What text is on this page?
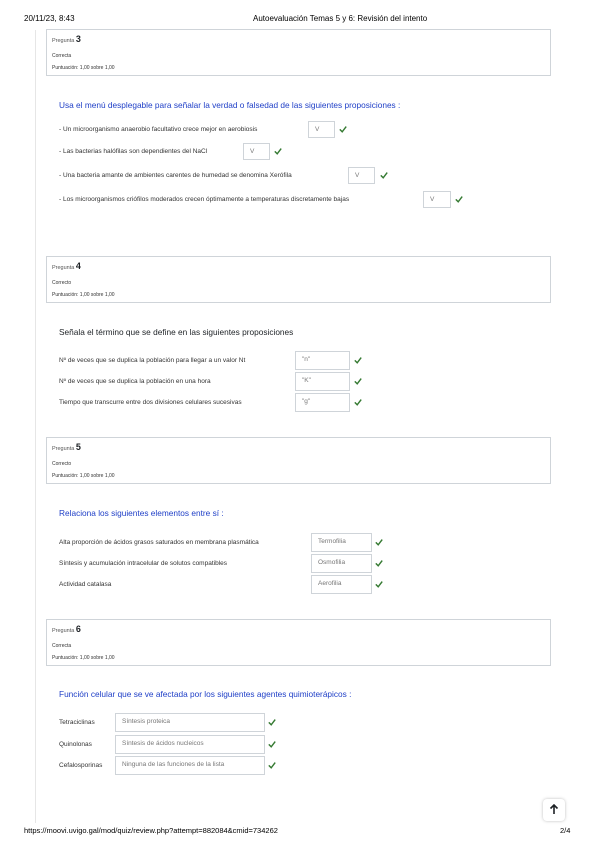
20/11/23, 8:43	Autoevaluación Temas 5 y 6: Revisión del intento
Pregunta 3
Correcta
Puntuación: 1,00 sobre 1,00
Usa el menú desplegable para señalar la verdad o falsedad de las siguientes proposiciones :
- Un microorganismo anaerobio facultativo crece mejor en aerobiosis	V
- Las bacterias halófilas son dependientes del NaCl	V
- Una bacteria amante de ambientes carentes de humedad se denomina Xerófila	V
- Los microorganismos criófilos moderados crecen óptimamente a temperaturas discretamente bajas	V
Pregunta 4
Correcto
Puntuación: 1,00 sobre 1,00
Señala el término que se define en las siguientes proposiciones
Nº de veces que se duplica la población para llegar a un valor Nt	"n"
Nº de veces que se duplica la población en una hora	"K"
Tiempo que transcurre entre dos divisiones celulares sucesivas	"g"
Pregunta 5
Correcto
Puntuación: 1,00 sobre 1,00
Relaciona los siguientes elementos entre sí :
Alta proporción de ácidos grasos saturados en membrana plasmática	Termofilia
Síntesis y acumulación intracelular de solutos compatibles	Osmofilia
Actividad catalasa	Aerofilia
Pregunta 6
Correcta
Puntuación: 1,00 sobre 1,00
Función celular que se ve afectada por los siguientes agentes quimioterápicos :
Tetraciclinas	Síntesis proteica
Quinolonas	Síntesis de ácidos nucleicos
Cefalosporinas	Ninguna de las funciones de la lista
https://moovi.uvigo.gal/mod/quiz/review.php?attempt=882084&cmid=734262	2/4
